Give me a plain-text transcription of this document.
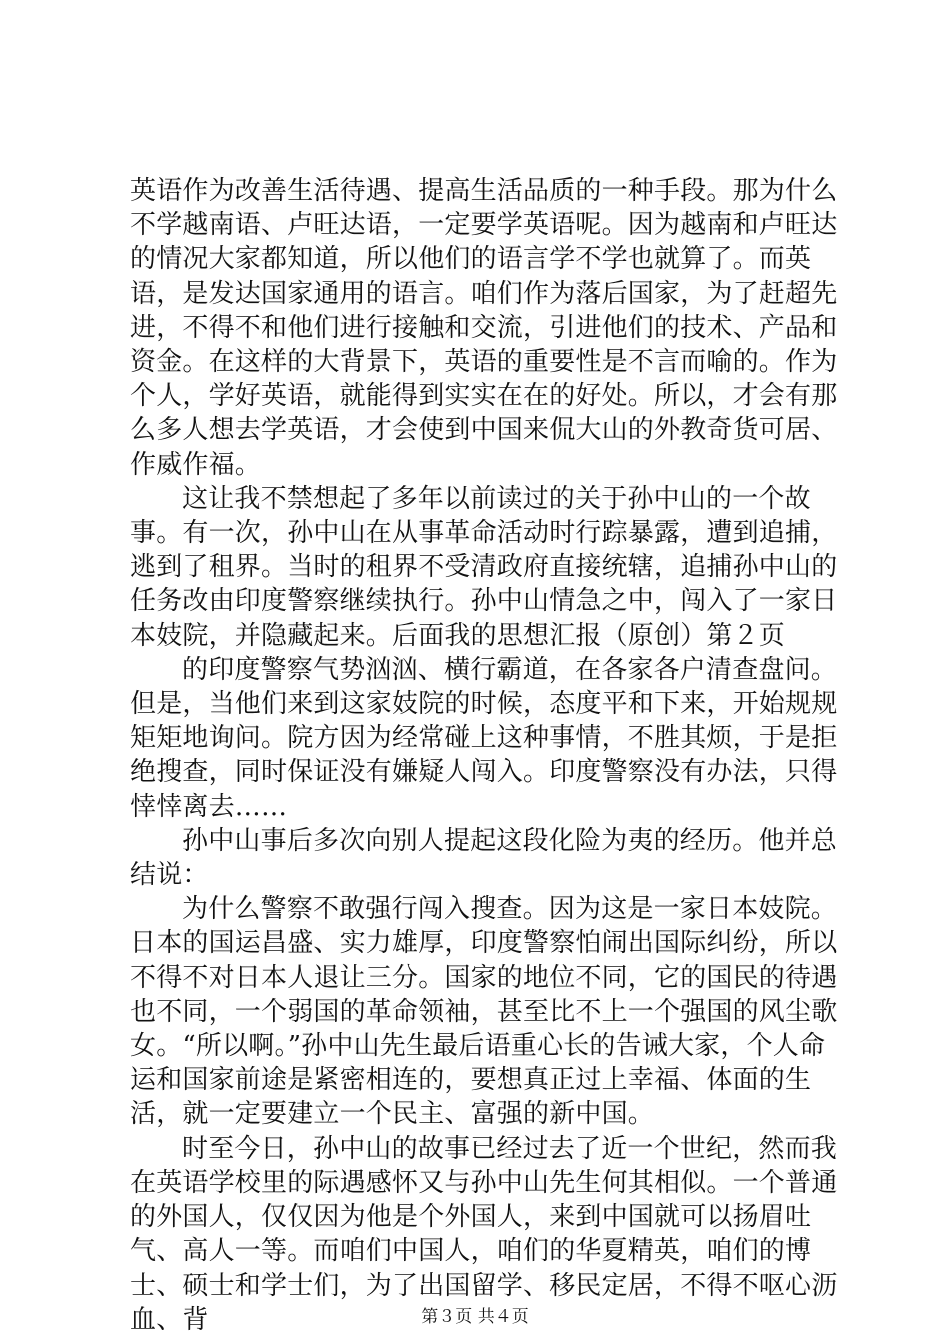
英语作为改善生活待遇、提高生活品质的一种手段。那为什么不学越南语、卢旺达语，一定要学英语呢。因为越南和卢旺达的情况大家都知道，所以他们的语言学不学也就算了。而英语，是发达国家通用的语言。咱们作为落后国家，为了赶超先进，不得不和他们进行接触和交流，引进他们的技术、产品和资金。在这样的大背景下，英语的重要性是不言而喻的。作为个人，学好英语，就能得到实实在在的好处。所以，才会有那么多人想去学英语，才会使到中国来侃大山的外教奇货可居、作威作福。

这让我不禁想起了多年以前读过的关于孙中山的一个故事。有一次，孙中山在从事革命活动时行踪暴露，遭到追捕，逃到了租界。当时的租界不受清政府直接统辖，追捕孙中山的任务改由印度警察继续执行。孙中山情急之中，闯入了一家日本妓院，并隐藏起来。后面我的思想汇报（原创）第２页

的印度警察气势汹汹、横行霸道，在各家各户清查盘问。但是，当他们来到这家妓院的时候，态度平和下来，开始规规矩矩地询问。院方因为经常碰上这种事情，不胜其烦，于是拒绝搜查，同时保证没有嫌疑人闯入。印度警察没有办法，只得悻悻离去……

孙中山事后多次向别人提起这段化险为夷的经历。他并总结说：

为什么警察不敢强行闯入搜查。因为这是一家日本妓院。日本的国运昌盛、实力雄厚，印度警察怕闹出国际纠纷，所以不得不对日本人退让三分。国家的地位不同，它的国民的待遇也不同，一个弱国的革命领袖，甚至比不上一个强国的风尘歌女。“所以啊。”孙中山先生最后语重心长的告诫大家，个人命运和国家前途是紧密相连的，要想真正过上幸福、体面的生活，就一定要建立一个民主、富强的新中国。

时至今日，孙中山的故事已经过去了近一个世纪，然而我在英语学校里的际遇感怀又与孙中山先生何其相似。一个普通的外国人，仅仅因为他是个外国人，来到中国就可以扬眉吐气、高人一等。而咱们中国人，咱们的华夏精英，咱们的博士、硕士和学士们，为了出国留学、移民定居，不得不呕心沥血、背	第３页 共４页
